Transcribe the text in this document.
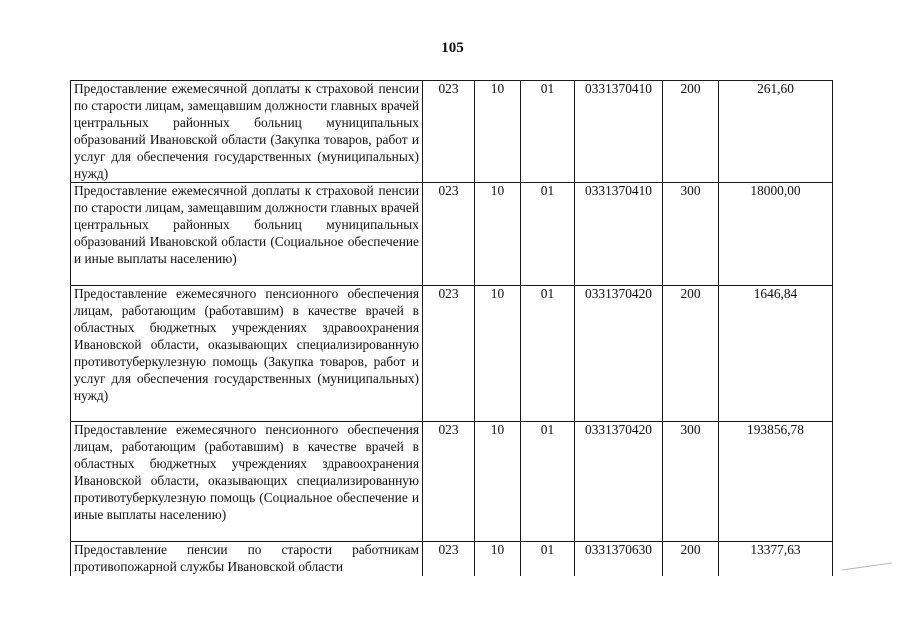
105
Предоставление ежемесячной доплаты к страховой пенсии по старости лицам, замещавшим должности главных врачей центральных районных больниц муниципальных образований Ивановской области (Закупка товаров, работ и услуг для обеспечения государственных (муниципальных) нужд)	023	10	01	0331370410	200	261,60
Предоставление ежемесячной доплаты к страховой пенсии по старости лицам, замещавшим должности главных врачей центральных районных больниц муниципальных образований Ивановской области (Социальное обеспечение и иные выплаты населению)	023	10	01	0331370410	300	18000,00
Предоставление ежемесячного пенсионного обеспечения лицам, работающим (работавшим) в качестве врачей в областных бюджетных учреждениях здравоохранения Ивановской области, оказывающих специализированную противотуберкулезную помощь (Закупка товаров, работ и услуг для обеспечения государственных (муниципальных) нужд)	023	10	01	0331370420	200	1646,84
Предоставление ежемесячного пенсионного обеспечения лицам, работающим (работавшим) в качестве врачей в областных бюджетных учреждениях здравоохранения Ивановской области, оказывающих специализированную противотуберкулезную помощь (Социальное обеспечение и иные выплаты населению)	023	10	01	0331370420	300	193856,78

Предоставление пенсии по старости работникам противопожарной службы Ивановской области	023	10	01	0331370630	200	13377,63
